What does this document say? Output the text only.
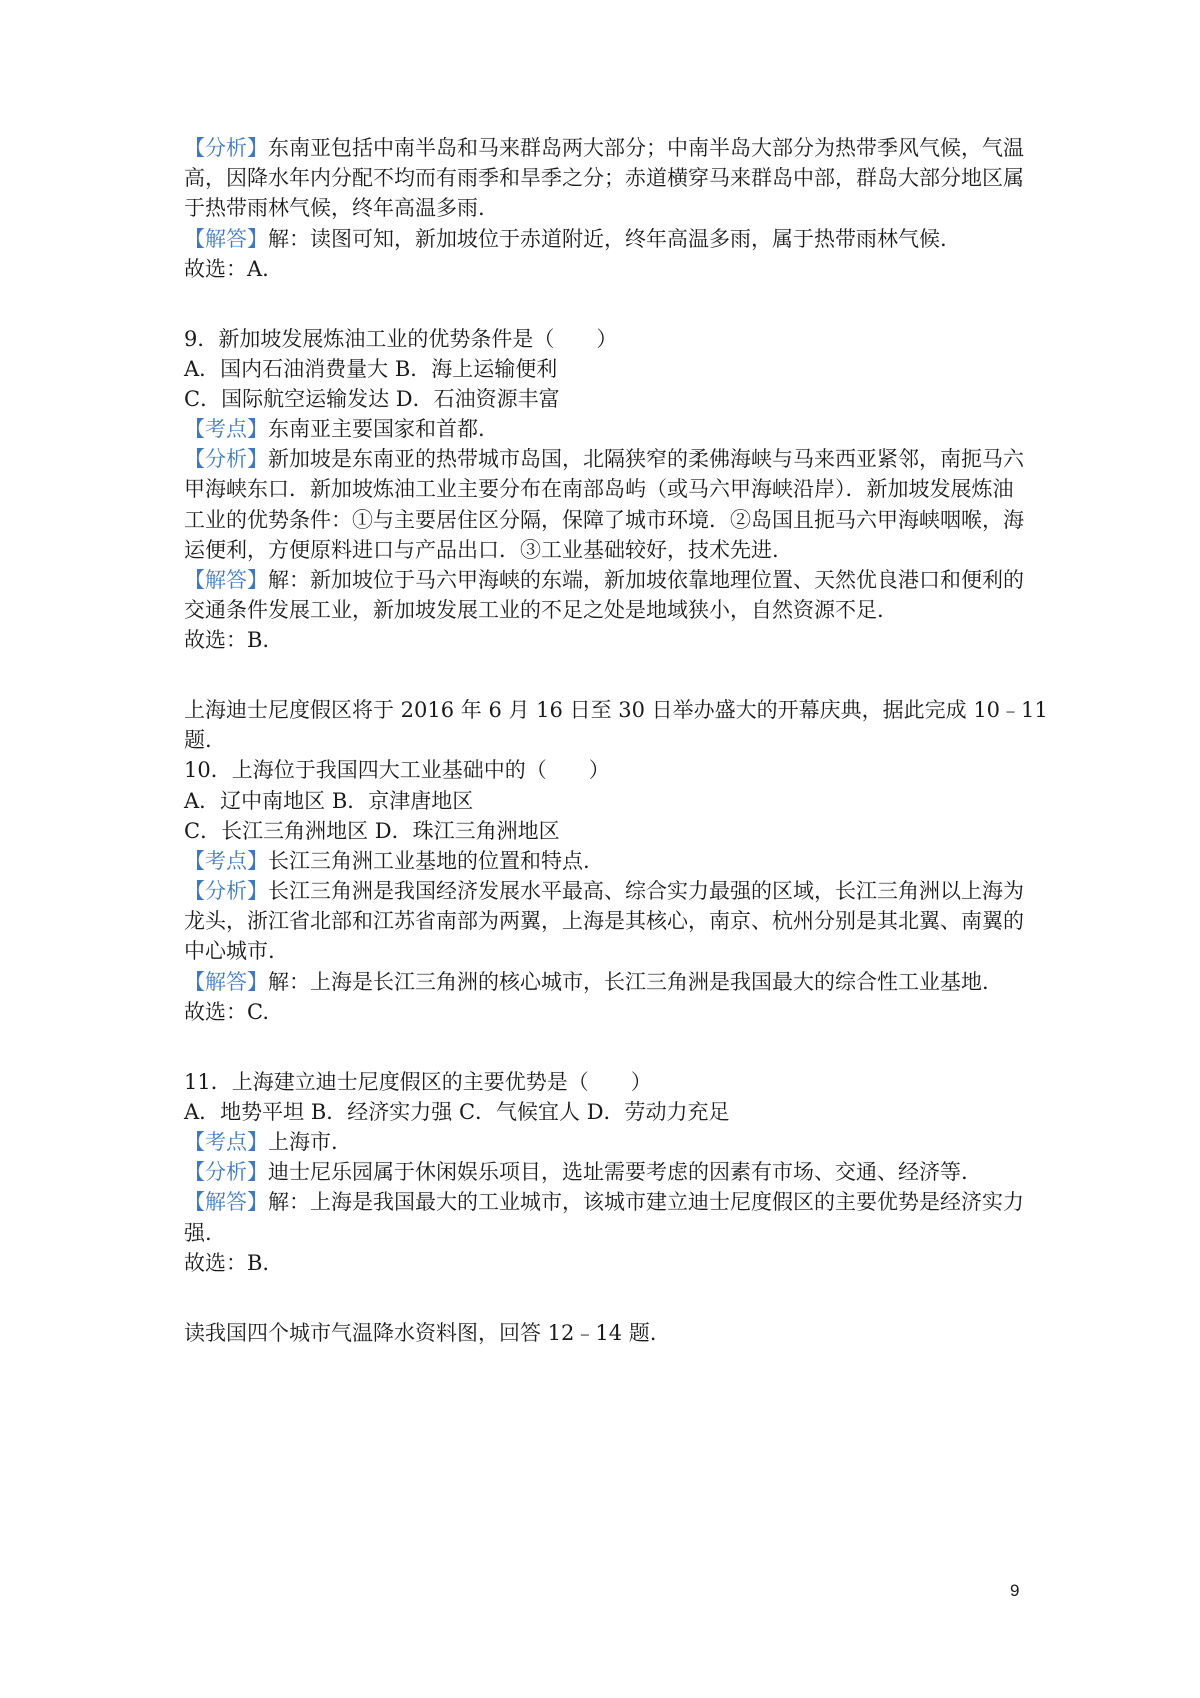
【分析】东南亚包括中南半岛和马来群岛两大部分；中南半岛大部分为热带季风气候，气温
高，因降水年内分配不均而有雨季和旱季之分；赤道横穿马来群岛中部，群岛大部分地区属
于热带雨林气候，终年高温多雨.
【解答】解：读图可知，新加坡位于赤道附近，终年高温多雨，属于热带雨林气候.
故选：A.
9．新加坡发展炼油工业的优势条件是（　　）
A．国内石油消费量大 B．海上运输便利
C．国际航空运输发达 D．石油资源丰富
【考点】东南亚主要国家和首都.
【分析】新加坡是东南亚的热带城市岛国，北隔狭窄的柔佛海峡与马来西亚紧邻，南扼马六
甲海峡东口．新加坡炼油工业主要分布在南部岛屿（或马六甲海峡沿岸）．新加坡发展炼油
工业的优势条件：①与主要居住区分隔，保障了城市环境．②岛国且扼马六甲海峡咽喉，海
运便利，方便原料进口与产品出口．③工业基础较好，技术先进.
【解答】解：新加坡位于马六甲海峡的东端，新加坡依靠地理位置、天然优良港口和便利的
交通条件发展工业，新加坡发展工业的不足之处是地域狭小，自然资源不足.
故选：B.
上海迪士尼度假区将于 2016 年 6 月 16 日至 30 日举办盛大的开幕庆典，据此完成 10﹣11
题.
10．上海位于我国四大工业基础中的（　　）
A．辽中南地区 B．京津唐地区
C．长江三角洲地区 D．珠江三角洲地区
【考点】长江三角洲工业基地的位置和特点.
【分析】长江三角洲是我国经济发展水平最高、综合实力最强的区域，长江三角洲以上海为
龙头，浙江省北部和江苏省南部为两翼，上海是其核心，南京、杭州分别是其北翼、南翼的
中心城市.
【解答】解：上海是长江三角洲的核心城市，长江三角洲是我国最大的综合性工业基地.
故选：C.
11．上海建立迪士尼度假区的主要优势是（　　）
A．地势平坦 B．经济实力强 C．气候宜人 D．劳动力充足
【考点】上海市.
【分析】迪士尼乐园属于休闲娱乐项目，选址需要考虑的因素有市场、交通、经济等.
【解答】解：上海是我国最大的工业城市，该城市建立迪士尼度假区的主要优势是经济实力
强.
故选：B.
读我国四个城市气温降水资料图，回答 12﹣14 题.
9
